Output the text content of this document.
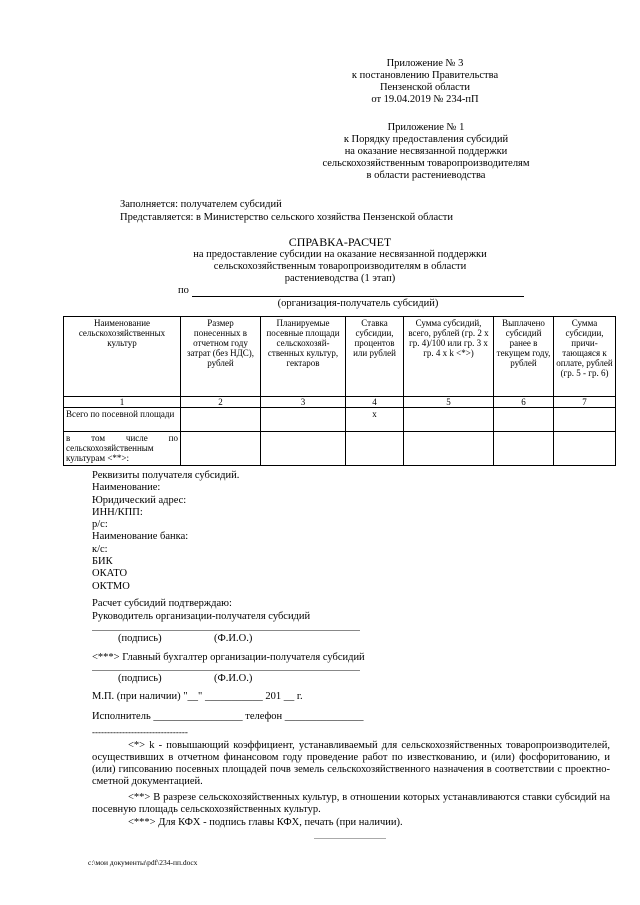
Приложение № 3
к постановлению Правительства
Пензенской области
от 19.04.2019 № 234-пП
Приложение № 1
к Порядку предоставления субсидий
на оказание несвязанной поддержки
сельскохозяйственным товаропроизводителям
в области растениеводства
Заполняется: получателем субсидий
Представляется: в Министерство сельского хозяйства Пензенской области
СПРАВКА-РАСЧЕТ
на предоставление субсидии на оказание несвязанной поддержки
сельскохозяйственным товаропроизводителям в области
растениеводства (1 этап)
по
(организация-получатель субсидий)
Наименование сельскохозяйственных культур	Размер понесенных в отчетном году затрат (без НДС), рублей	Планируемые посевные площади сельскохозяй-ственных культур, гектаров	Ставка субсидии, процентов или рублей	Сумма субсидий, всего, рублей (гр. 2 x гр. 4)/100 или гр. 3 x гр. 4 x k <*>)	Выплачено субсидий ранее в текущем году, рублей	Сумма субсидии, причи-тающаяся к оплате, рублей (гр. 5 - гр. 6)
1	2	3	4	5	6	7
Всего по посевной площади			x			
в том числе по сельскохозяйственным культурам <**>:						
Реквизиты получателя субсидий.
Наименование:
Юридический адрес:
ИНН/КПП:
р/с:
Наименование банка:
к/с:
БИК
ОКАТО
ОКТМО
Расчет субсидий подтверждаю:
Руководитель организации-получателя субсидий
(подпись)	(Ф.И.О.)
<***> Главный бухгалтер организации-получателя субсидий
(подпись)	(Ф.И.О.)
М.П. (при наличии) "__" ___________ 201 __ г.
Исполнитель _________________ телефон _______________
--------------------------------
<*> k - повышающий коэффициент, устанавливаемый для сельскохозяйственных товаропроизводителей, осуществивших в отчетном финансовом году проведение работ по известкованию, и (или) фосфоритованию, и (или) гипсованию посевных площадей почв земель сельскохозяйственного назначения в соответствии с проектно-сметной документацией.
<**> В разрезе сельскохозяйственных культур, в отношении которых устанавливаются ставки субсидий на посевную площадь сельскохозяйственных культур.
<***> Для КФХ - подпись главы КФХ, печать (при наличии).
c:\мои документы\pdf\234-пп.docx
